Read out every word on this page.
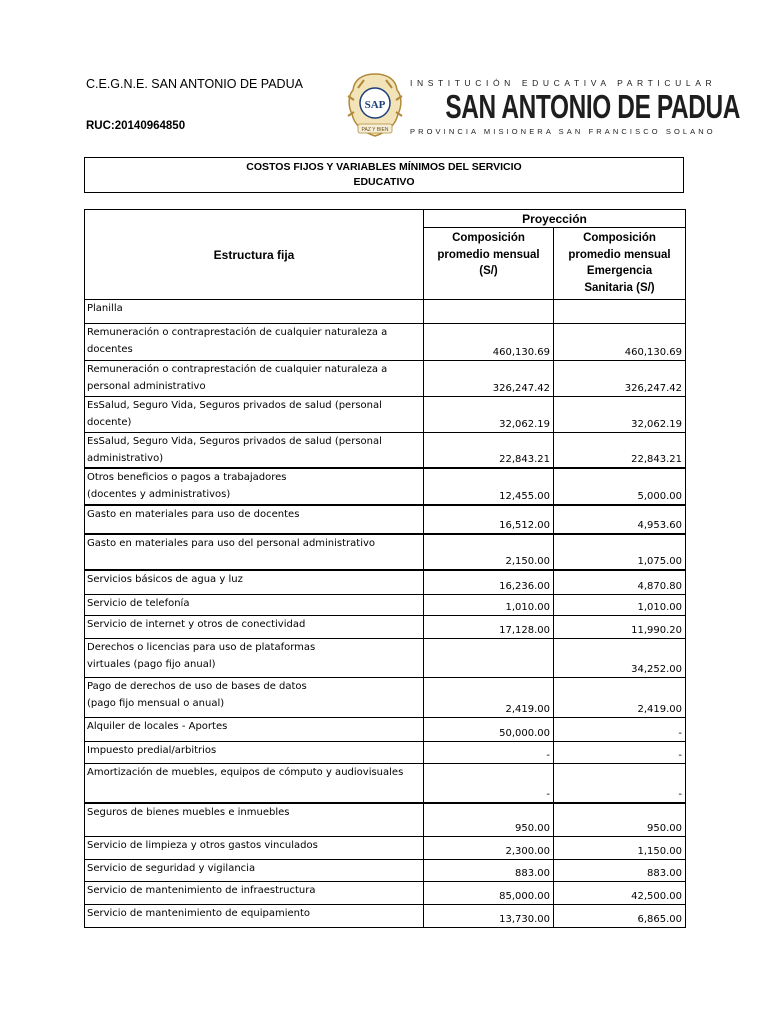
C.E.G.N.E. SAN ANTONIO DE PADUA
RUC:20140964850
SAP
PAZ Y BIEN
INSTITUCIÓN EDUCATIVA PARTICULAR
SAN ANTONIO DE PADUA
PROVINCIA MISIONERA SAN FRANCISCO SOLANO
COSTOS FIJOS Y VARIABLES MÍNIMOS DEL SERVICIO
EDUCATIVO
Estructura fija	Proyección

Composición
promedio mensual
(S/)

Composición
promedio mensual
Emergencia
Sanitaria (S/)

Planilla

Remuneración o contraprestación de cualquier naturaleza a
docentes	460,130.69	460,130.69

Remuneración o contraprestación de cualquier naturaleza a
personal administrativo	326,247.42	326,247.42

EsSalud, Seguro Vida, Seguros privados de salud (personal
docente)	32,062.19	32,062.19

EsSalud, Seguro Vida, Seguros privados de salud (personal
administrativo)	22,843.21	22,843.21

Otros beneficios o pagos a trabajadores
(docentes y administrativos)	12,455.00	5,000.00

Gasto en materiales para uso de docentes
	16,512.00	4,953.60

Gasto en materiales para uso del personal administrativo
	2,150.00	1,075.00

Servicios básicos de agua y luz
	16,236.00	4,870.80

Servicio de telefonía	1,010.00	1,010.00

Servicio de internet y otros de conectividad
	17,128.00	11,990.20

Derechos o licencias para uso de plataformas
virtuales (pago fijo anual)		34,252.00

Pago de derechos de uso de bases de datos
(pago fijo mensual o anual)
	2,419.00	2,419.00

Alquiler de locales - Aportes
	50,000.00	-

Impuesto predial/arbitrios	-	-

Amortización de muebles, equipos de cómputo y audiovisuales
	-	-

Seguros de bienes muebles e inmuebles
	950.00	950.00

Servicio de limpieza y otros gastos vinculados
	2,300.00	1,150.00

Servicio de seguridad y vigilancia	883.00	883.00

Servicio de mantenimiento de infraestructura
	85,000.00	42,500.00

Servicio de mantenimiento de equipamiento
	13,730.00	6,865.00
